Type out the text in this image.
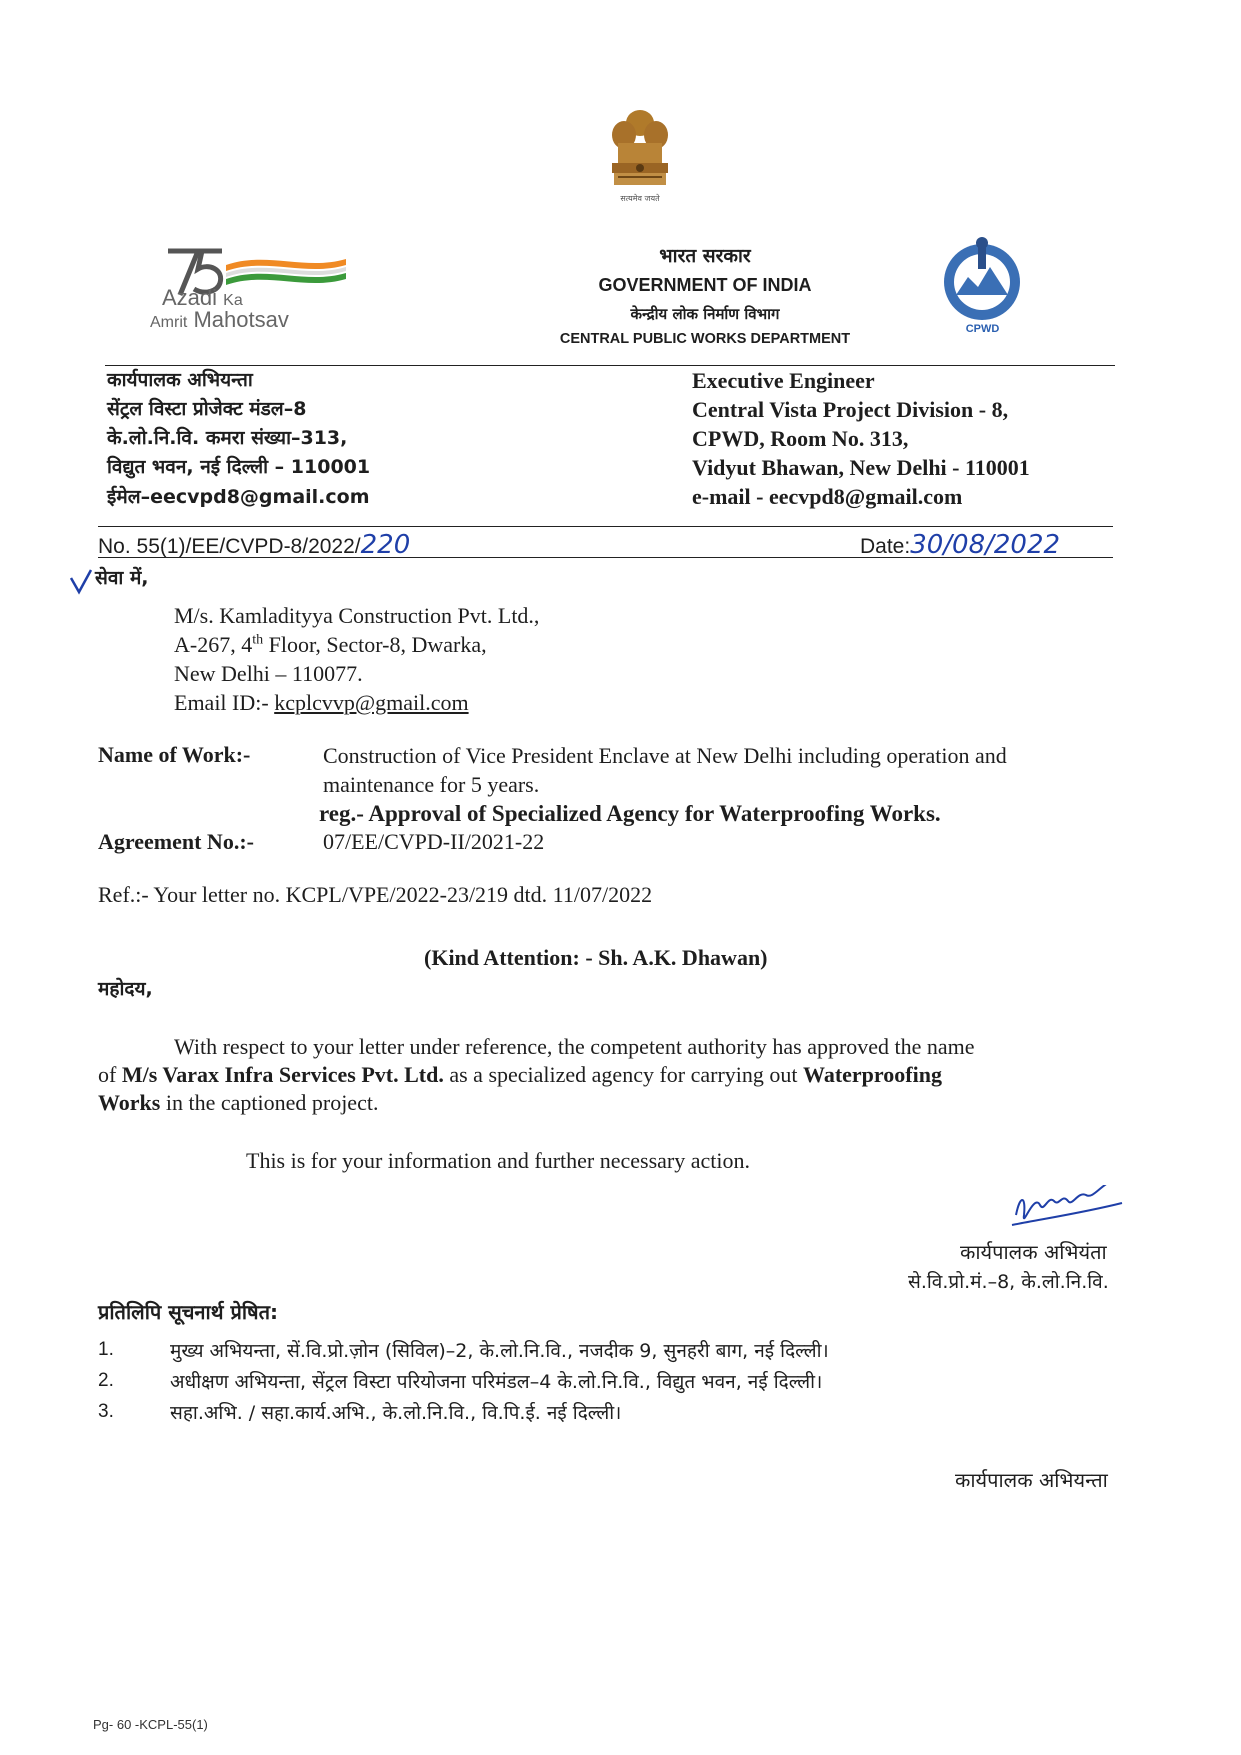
सत्यमेव जयते
Azadi Ka
Amrit Mahotsav
भारत सरकार
GOVERNMENT OF INDIA
केन्द्रीय लोक निर्माण विभाग
CENTRAL PUBLIC WORKS DEPARTMENT
CPWD
कार्यपालक अभियन्ता
सेंट्रल विस्टा प्रोजेक्ट मंडल–8
के.लो.नि.वि. कमरा संख्या–313,
विद्युत भवन, नई दिल्ली – 110001
ईमेल–eecvpd8@gmail.com
Executive Engineer
Central Vista Project Division - 8,
CPWD, Room No. 313,
Vidyut Bhawan, New Delhi - 110001
e-mail - eecvpd8@gmail.com
No. 55(1)/EE/CVPD-8/2022/220	Date:30/08/2022
सेवा में,
M/s. Kamladityya Construction Pvt. Ltd.,
A-267, 4th Floor, Sector-8, Dwarka,
New Delhi – 110077.
Email ID:- kcplcvvp@gmail.com
Name of Work:-	Construction of Vice President Enclave at New Delhi including operation and
maintenance for 5 years.
reg.- Approval of Specialized Agency for Waterproofing Works.
Agreement No.:-	07/EE/CVPD-II/2021-22
Ref.:- Your letter no. KCPL/VPE/2022-23/219 dtd. 11/07/2022
(Kind Attention: - Sh. A.K. Dhawan)
महोदय,
With respect to your letter under reference, the competent authority has approved the name
of M/s Varax Infra Services Pvt. Ltd. as a specialized agency for carrying out Waterproofing
Works in the captioned project.
This is for your information and further necessary action.
कार्यपालक अभियंता
से.वि.प्रो.मं.–8, के.लो.नि.वि.
प्रतिलिपि सूचनार्थ प्रेषित:
1.	मुख्य अभियन्ता, सें.वि.प्रो.ज़ोन (सिविल)–2, के.लो.नि.वि., नजदीक 9, सुनहरी बाग, नई दिल्ली।
2.	अधीक्षण अभियन्ता, सेंट्रल विस्टा परियोजना परिमंडल–4 के.लो.नि.वि., विद्युत भवन, नई दिल्ली।
3.	सहा.अभि. / सहा.कार्य.अभि., के.लो.नि.वि., वि.पि.ई. नई दिल्ली।
कार्यपालक अभियन्ता
Pg- 60 -KCPL-55(1)
